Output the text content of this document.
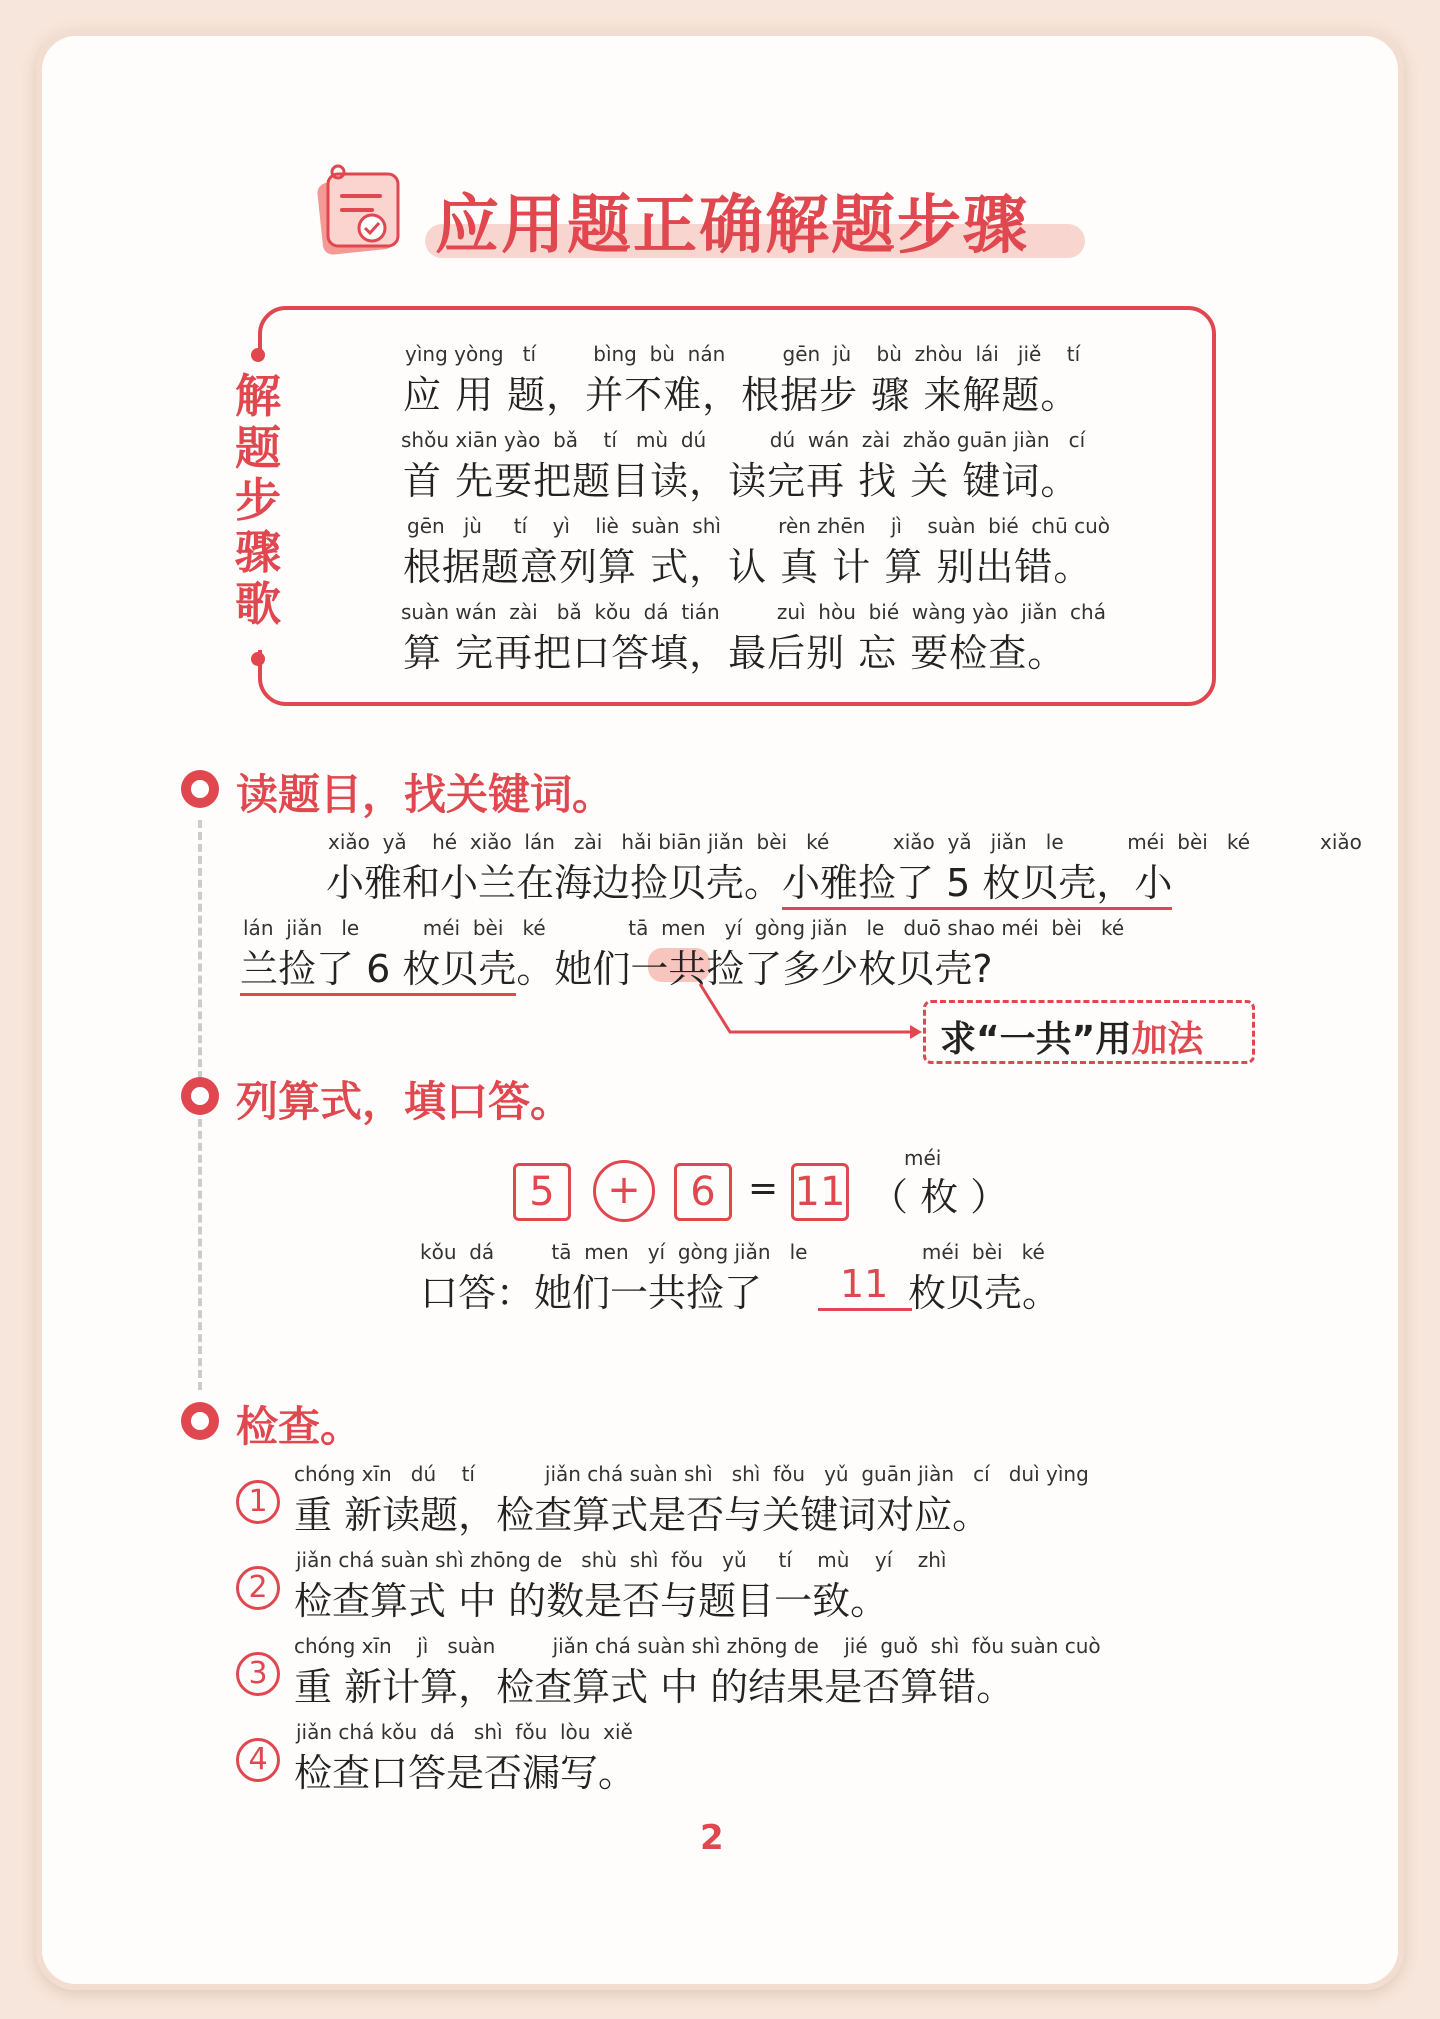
应用题正确解题步骤
解
题
步
骤
歌
yìng yòng   tí         bìng  bù  nán         gēn  jù    bù  zhòu  lái   jiě    tí
应 用 题，并不难，根据步 骤 来解题。
shǒu xiān yào  bǎ    tí   mù  dú          dú  wán  zài  zhǎo guān jiàn   cí
首 先要把题目读，读完再 找 关 键词。
gēn   jù     tí    yì    liè  suàn  shì         rèn zhēn    jì    suàn  bié  chū cuò
根据题意列算 式，认 真 计 算 别出错。
suàn wán  zài   bǎ  kǒu  dá  tián         zuì  hòu  bié  wàng yào  jiǎn  chá
算 完再把口答填，最后别 忘 要检查。
读题目，找关键词。
xiǎo  yǎ    hé  xiǎo  lán   zài   hǎi biān jiǎn  bèi   ké          xiǎo  yǎ   jiǎn   le          méi  bèi   ké           xiǎo
小雅和小兰在海边捡贝壳。小雅捡了 5 枚贝壳，小
lán  jiǎn   le          méi  bèi   ké             tā  men   yí  gòng jiǎn   le   duō shao méi  bèi   ké
兰捡了 6 枚贝壳。她们一共捡了多少枚贝壳?
求“一共”用加法
列算式，填口答。
5	+	6 = 11
méi
（ 枚 ）
kǒu  dá         tā  men   yí  gòng jiǎn   le                  méi  bèi   ké
口答：她们一共捡了 11 枚贝壳。
检查。
1
chóng xīn   dú    tí           jiǎn chá suàn shì   shì  fǒu   yǔ  guān jiàn   cí   duì yìng
重 新读题，检查算式是否与关键词对应。
2
jiǎn chá suàn shì zhōng de   shù  shì  fǒu   yǔ     tí    mù    yí    zhì
检查算式 中 的数是否与题目一致。
3
chóng xīn    jì   suàn         jiǎn chá suàn shì zhōng de    jié  guǒ  shì  fǒu suàn cuò
重 新计算，检查算式 中 的结果是否算错。
4
jiǎn chá kǒu  dá   shì  fǒu  lòu  xiě
检查口答是否漏写。
2
